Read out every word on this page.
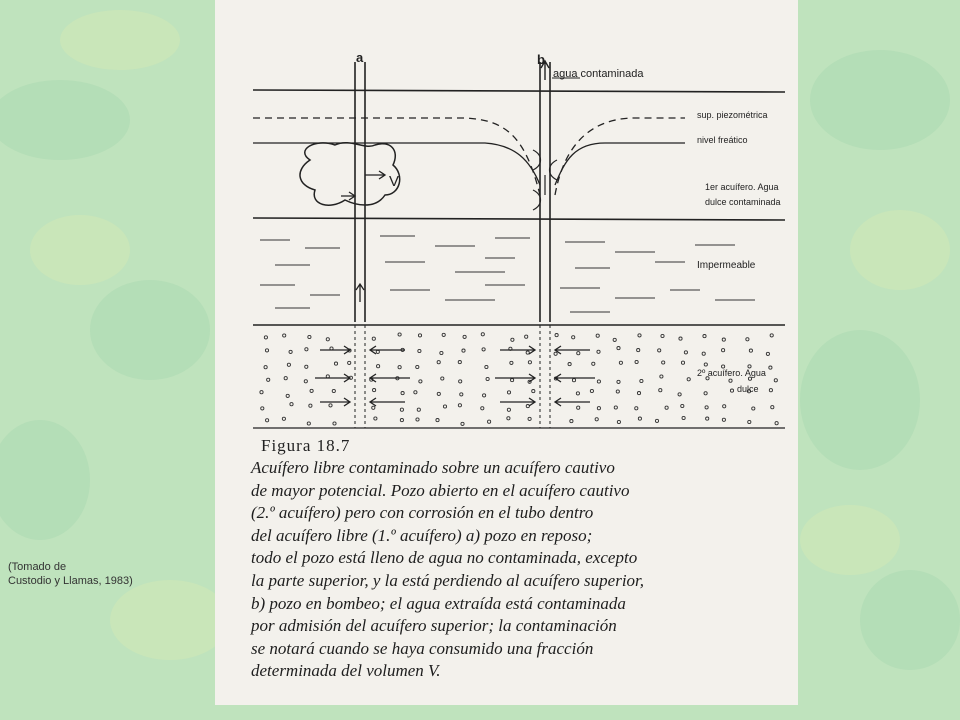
(Tomado de
Custodio y Llamas, 1983)
a	b
V
agua contaminada
sup. piezométrica
nivel freático
1er acuífero. Agua
dulce contaminada
Impermeable
2º acuífero. Agua
dulce
Figura 18.7
Acuífero libre contaminado sobre un acuífero cautivo
de mayor potencial. Pozo abierto en el acuífero cautivo
(2.º acuífero) pero con corrosión en el tubo dentro
del acuífero libre (1.º acuífero) a) pozo en reposo;
todo el pozo está lleno de agua no contaminada, excepto
la parte superior, y la está perdiendo al acuífero superior,
b) pozo en bombeo; el agua extraída está contaminada
por admisión del acuífero superior; la contaminación
se notará cuando se haya consumido una fracción
determinada del volumen V.
